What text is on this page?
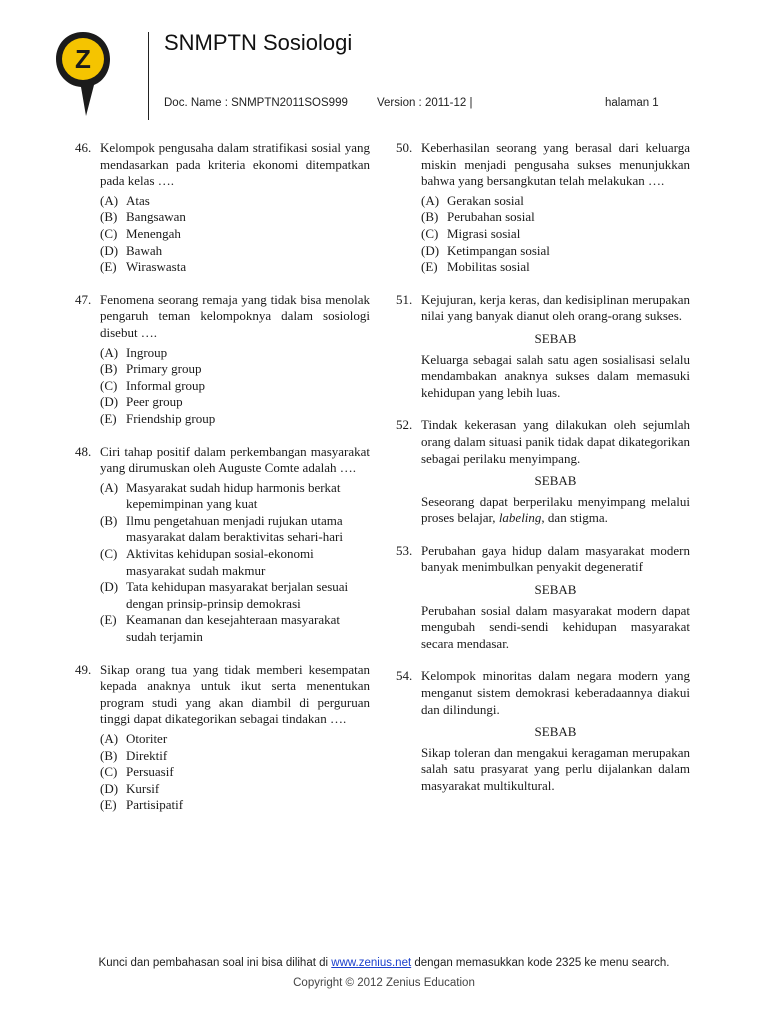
Z
SNMPTN Sosiologi
Doc. Name : SNMPTN2011SOS999	Version : 2011-12 |	halaman 1
46. Kelompok pengusaha dalam stratifikasi sosial yang mendasarkan pada kriteria ekonomi ditempatkan pada kelas ….
(A) Atas
(B) Bangsawan
(C) Menengah
(D) Bawah
(E) Wiraswasta
47. Fenomena seorang remaja yang tidak bisa menolak pengaruh teman kelompoknya dalam sosiologi disebut ….
(A) Ingroup
(B) Primary group
(C) Informal group
(D) Peer group
(E) Friendship group
48. Ciri tahap positif dalam perkembangan masyarakat yang dirumuskan oleh Auguste Comte adalah ….
(A) Masyarakat sudah hidup harmonis berkat kepemimpinan yang kuat
(B) Ilmu pengetahuan menjadi rujukan utama masyarakat dalam beraktivitas sehari-hari
(C) Aktivitas kehidupan sosial-ekonomi masyarakat sudah makmur
(D) Tata kehidupan masyarakat berjalan sesuai dengan prinsip-prinsip demokrasi
(E) Keamanan dan kesejahteraan masyarakat sudah terjamin
49. Sikap orang tua yang tidak memberi kesempatan kepada anaknya untuk ikut serta menentukan program studi yang akan diambil di perguruan tinggi dapat dikategorikan sebagai tindakan ….
(A) Otoriter
(B) Direktif
(C) Persuasif
(D) Kursif
(E) Partisipatif
50. Keberhasilan seorang yang berasal dari keluarga miskin menjadi pengusaha sukses menunjukkan bahwa yang bersangkutan telah melakukan ….
(A) Gerakan sosial
(B) Perubahan sosial
(C) Migrasi sosial
(D) Ketimpangan sosial
(E) Mobilitas sosial
51. Kejujuran, kerja keras, dan kedisiplinan merupakan nilai yang banyak dianut oleh orang-orang sukses.
SEBAB
Keluarga sebagai salah satu agen sosialisasi selalu mendambakan anaknya sukses dalam memasuki kehidupan yang lebih luas.
52. Tindak kekerasan yang dilakukan oleh sejumlah orang dalam situasi panik tidak dapat dikategorikan sebagai perilaku menyimpang.
SEBAB
Seseorang dapat berperilaku menyimpang melalui proses belajar, labeling, dan stigma.
53. Perubahan gaya hidup dalam masyarakat modern banyak menimbulkan penyakit degeneratif
SEBAB
Perubahan sosial dalam masyarakat modern dapat mengubah sendi-sendi kehidupan masyarakat secara mendasar.
54. Kelompok minoritas dalam negara modern yang menganut sistem demokrasi keberadaannya diakui dan dilindungi.
SEBAB
Sikap toleran dan mengakui keragaman merupakan salah satu prasyarat yang perlu dijalankan dalam masyarakat multikultural.
Kunci dan pembahasan soal ini bisa dilihat di www.zenius.net dengan memasukkan kode 2325 ke menu search.
Copyright © 2012 Zenius Education
